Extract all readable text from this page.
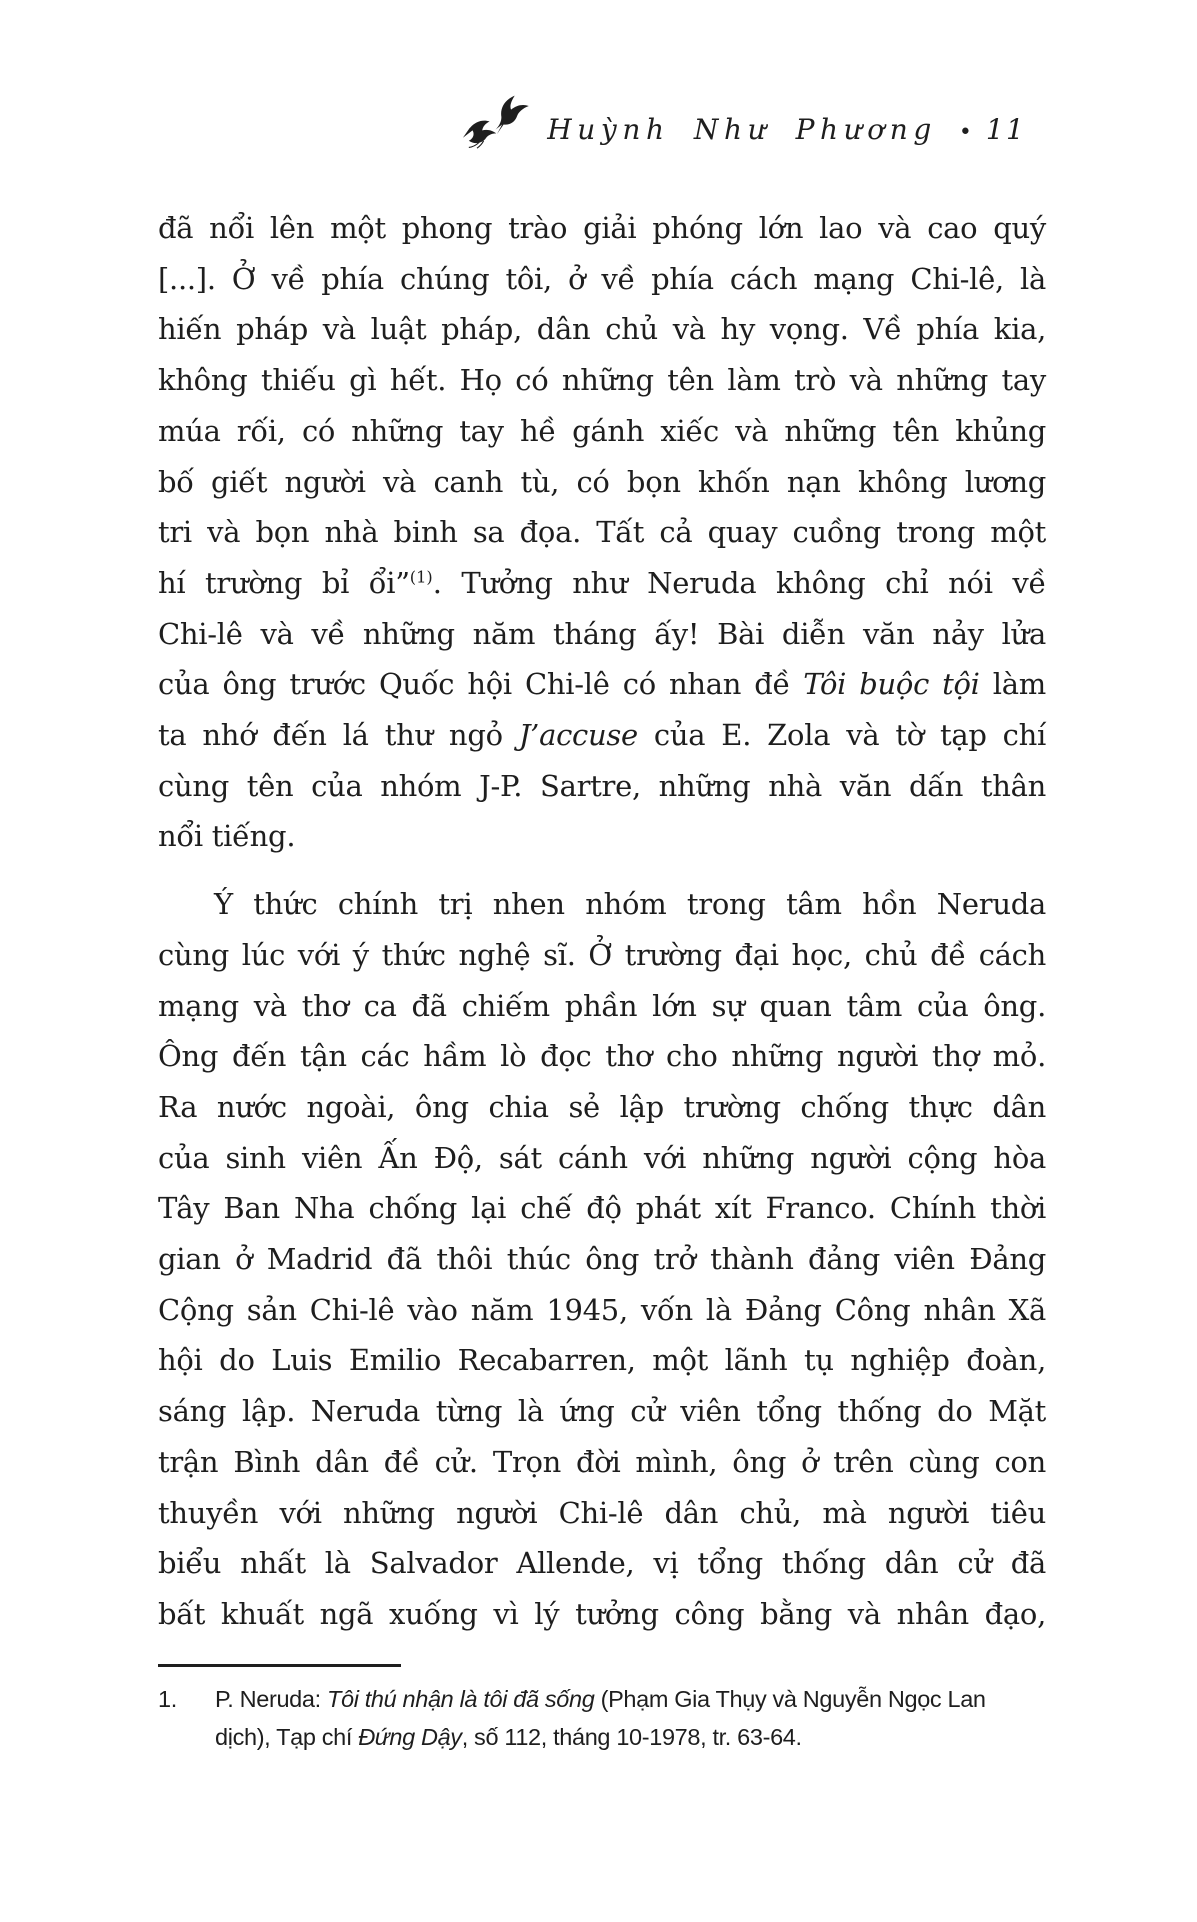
Huỳnh Như Phương • 11
đã nổi lên một phong trào giải phóng lớn lao và cao quý
[...]. Ở về phía chúng tôi, ở về phía cách mạng Chi-lê, là
hiến pháp và luật pháp, dân chủ và hy vọng. Về phía kia,
không thiếu gì hết. Họ có những tên làm trò và những tay
múa rối, có những tay hề gánh xiếc và những tên khủng
bố giết người và canh tù, có bọn khốn nạn không lương
tri và bọn nhà binh sa đọa. Tất cả quay cuồng trong một
hí trường bỉ ổi”$^{(1)}$. Tưởng như Neruda không chỉ nói về
Chi-lê và về những năm tháng ấy! Bài diễn văn nảy lửa
của ông trước Quốc hội Chi-lê có nhan đề Tôi buộc tội làm
ta nhớ đến lá thư ngỏ J’accuse của E. Zola và tờ tạp chí
cùng tên của nhóm J-P. Sartre, những nhà văn dấn thân
nổi tiếng.
Ý thức chính trị nhen nhóm trong tâm hồn Neruda
cùng lúc với ý thức nghệ sĩ. Ở trường đại học, chủ đề cách
mạng và thơ ca đã chiếm phần lớn sự quan tâm của ông.
Ông đến tận các hầm lò đọc thơ cho những người thợ mỏ.
Ra nước ngoài, ông chia sẻ lập trường chống thực dân
của sinh viên Ấn Độ, sát cánh với những người cộng hòa
Tây Ban Nha chống lại chế độ phát xít Franco. Chính thời
gian ở Madrid đã thôi thúc ông trở thành đảng viên Đảng
Cộng sản Chi-lê vào năm 1945, vốn là Đảng Công nhân Xã
hội do Luis Emilio Recabarren, một lãnh tụ nghiệp đoàn,
sáng lập. Neruda từng là ứng cử viên tổng thống do Mặt
trận Bình dân đề cử. Trọn đời mình, ông ở trên cùng con
thuyền với những người Chi-lê dân chủ, mà người tiêu
biểu nhất là Salvador Allende, vị tổng thống dân cử đã
bất khuất ngã xuống vì lý tưởng công bằng và nhân đạo,
1.	P. Neruda: Tôi thú nhận là tôi đã sống (Phạm Gia Thụy và Nguyễn Ngọc Lan
dịch), Tạp chí Đứng Dậy, số 112, tháng 10-1978, tr. 63-64.
